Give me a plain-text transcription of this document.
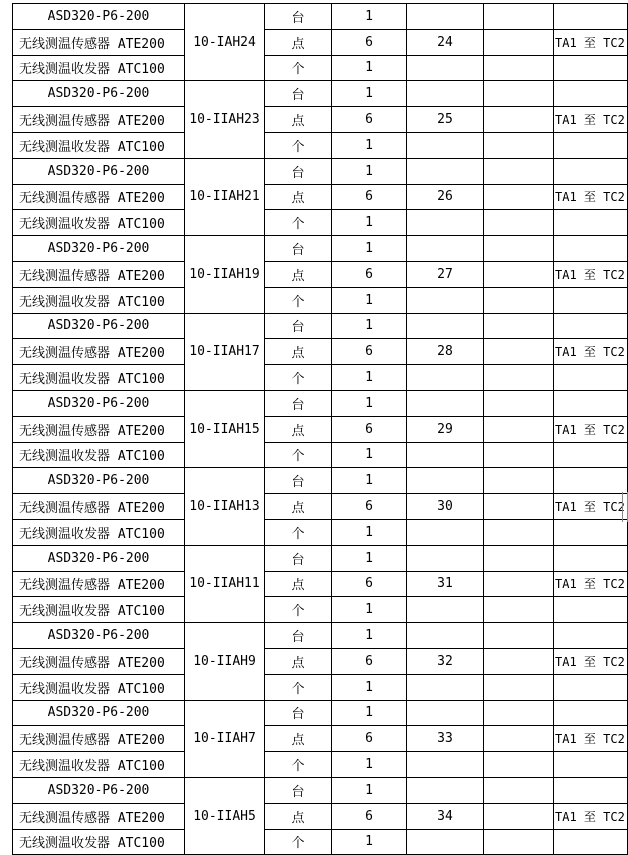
ASD320-P6-200	10-IAH24	台	1			
无线测温传感器 ATE200		点	6	24		TA1 至 TC2
无线测温收发器 ATC100		个	1			
ASD320-P6-200	10-IIAH23	台	1			
无线测温传感器 ATE200		点	6	25		TA1 至 TC2
无线测温收发器 ATC100		个	1			
ASD320-P6-200	10-IIAH21	台	1			
无线测温传感器 ATE200		点	6	26		TA1 至 TC2
无线测温收发器 ATC100		个	1			
ASD320-P6-200	10-IIAH19	台	1			
无线测温传感器 ATE200		点	6	27		TA1 至 TC2
无线测温收发器 ATC100		个	1			
ASD320-P6-200	10-IIAH17	台	1			
无线测温传感器 ATE200		点	6	28		TA1 至 TC2
无线测温收发器 ATC100		个	1			
ASD320-P6-200	10-IIAH15	台	1			
无线测温传感器 ATE200		点	6	29		TA1 至 TC2
无线测温收发器 ATC100		个	1			
ASD320-P6-200	10-IIAH13	台	1			
无线测温传感器 ATE200		点	6	30		TA1 至 TC2
无线测温收发器 ATC100		个	1			
ASD320-P6-200	10-IIAH11	台	1			
无线测温传感器 ATE200		点	6	31		TA1 至 TC2
无线测温收发器 ATC100		个	1			
ASD320-P6-200	10-IIAH9	台	1			
无线测温传感器 ATE200		点	6	32		TA1 至 TC2
无线测温收发器 ATC100		个	1			
ASD320-P6-200	10-IIAH7	台	1			
无线测温传感器 ATE200		点	6	33		TA1 至 TC2
无线测温收发器 ATC100		个	1			
ASD320-P6-200	10-IIAH5	台	1			
无线测温传感器 ATE200		点	6	34		TA1 至 TC2
无线测温收发器 ATC100		个	1			
